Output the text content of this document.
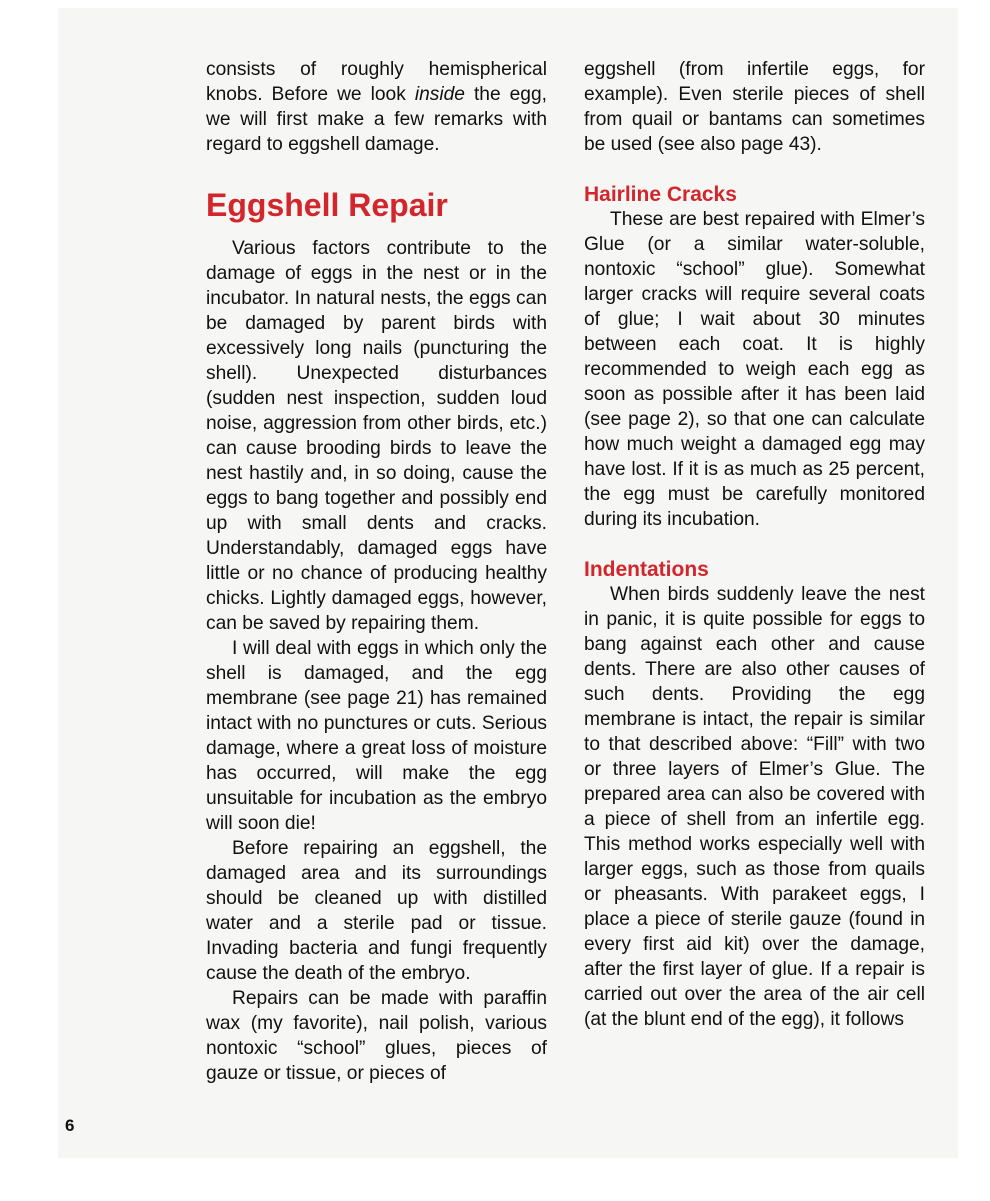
consists of roughly hemispherical knobs. Before we look inside the egg, we will first make a few remarks with regard to eggshell damage.

Eggshell Repair

Various factors contribute to the damage of eggs in the nest or in the incubator. In natural nests, the eggs can be damaged by parent birds with excessively long nails (puncturing the shell). Unexpected disturbances (sudden nest inspection, sudden loud noise, aggression from other birds, etc.) can cause brooding birds to leave the nest hastily and, in so doing, cause the eggs to bang together and possibly end up with small dents and cracks. Understandably, damaged eggs have little or no chance of producing healthy chicks. Lightly damaged eggs, however, can be saved by repairing them.

I will deal with eggs in which only the shell is damaged, and the egg membrane (see page 21) has remained intact with no punctures or cuts. Serious damage, where a great loss of moisture has occurred, will make the egg unsuitable for incubation as the embryo will soon die!

Before repairing an eggshell, the damaged area and its surroundings should be cleaned up with distilled water and a sterile pad or tissue. Invading bacteria and fungi frequently cause the death of the embryo.

Repairs can be made with paraffin wax (my favorite), nail polish, various nontoxic “school” glues, pieces of gauze or tissue, or pieces of

eggshell (from infertile eggs, for example). Even sterile pieces of shell from quail or bantams can sometimes be used (see also page 43).

Hairline Cracks

These are best repaired with Elmer’s Glue (or a similar water-soluble, nontoxic “school” glue). Somewhat larger cracks will require several coats of glue; I wait about 30 minutes between each coat. It is highly recommended to weigh each egg as soon as possible after it has been laid (see page 2), so that one can calculate how much weight a damaged egg may have lost. If it is as much as 25 percent, the egg must be carefully monitored during its incubation.

Indentations

When birds suddenly leave the nest in panic, it is quite possible for eggs to bang against each other and cause dents. There are also other causes of such dents. Providing the egg membrane is intact, the repair is similar to that described above: “Fill” with two or three layers of Elmer’s Glue. The prepared area can also be covered with a piece of shell from an infertile egg. This method works especially well with larger eggs, such as those from quails or pheasants. With parakeet eggs, I place a piece of sterile gauze (found in every first aid kit) over the damage, after the first layer of glue. If a repair is carried out over the area of the air cell (at the blunt end of the egg), it follows

6
